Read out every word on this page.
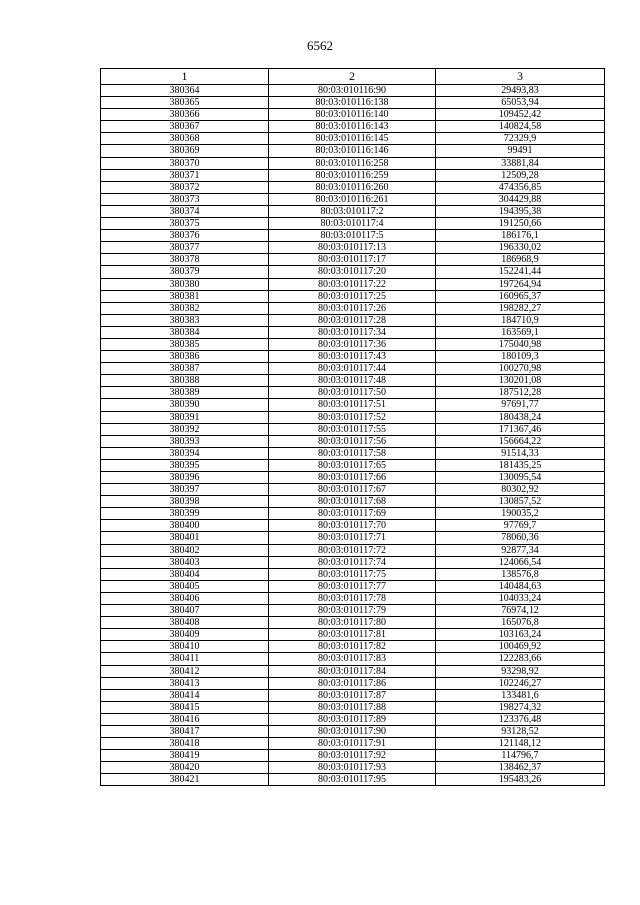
6562
1	2	3
380364	80:03:010116:90	29493,83
380365	80:03:010116:138	65053,94
380366	80:03:010116:140	109452,42
380367	80:03:010116:143	140824,58
380368	80:03:010116:145	72329,9
380369	80:03:010116:146	99491
380370	80:03:010116:258	33881,84
380371	80:03:010116:259	12509,28
380372	80:03:010116:260	474356,85
380373	80:03:010116:261	304429,88
380374	80:03:010117:2	194395,38
380375	80:03:010117:4	191250,66
380376	80:03:010117:5	186176,1
380377	80:03:010117:13	196330,02
380378	80:03:010117:17	186968,9
380379	80:03:010117:20	152241,44
380380	80:03:010117:22	197264,94
380381	80:03:010117:25	160965,37
380382	80:03:010117:26	198282,27
380383	80:03:010117:28	184710,9
380384	80:03:010117:34	163569,1
380385	80:03:010117:36	175040,98
380386	80:03:010117:43	180109,3
380387	80:03:010117:44	100270,98
380388	80:03:010117:48	130201,08
380389	80:03:010117:50	187512,28
380390	80:03:010117:51	97691,77
380391	80:03:010117:52	180438,24
380392	80:03:010117:55	171367,46
380393	80:03:010117:56	156664,22
380394	80:03:010117:58	91514,33
380395	80:03:010117:65	181435,25
380396	80:03:010117:66	130095,54
380397	80:03:010117:67	80302,92
380398	80:03:010117:68	130857,52
380399	80:03:010117:69	190035,2
380400	80:03:010117:70	97769,7
380401	80:03:010117:71	78060,36
380402	80:03:010117:72	92877,34
380403	80:03:010117:74	124066,54
380404	80:03:010117:75	138576,8
380405	80:03:010117:77	140484,63
380406	80:03:010117:78	104033,24
380407	80:03:010117:79	76974,12
380408	80:03:010117:80	165076,8
380409	80:03:010117:81	103163,24
380410	80:03:010117:82	100469,92
380411	80:03:010117:83	122283,66
380412	80:03:010117:84	93298,92
380413	80:03:010117:86	102246,27
380414	80:03:010117:87	133481,6
380415	80:03:010117:88	198274,32
380416	80:03:010117:89	123376,48
380417	80:03:010117:90	93128,52
380418	80:03:010117:91	121148,12
380419	80:03:010117:92	114796,7
380420	80:03:010117:93	138462,37
380421	80:03:010117:95	195483,26
